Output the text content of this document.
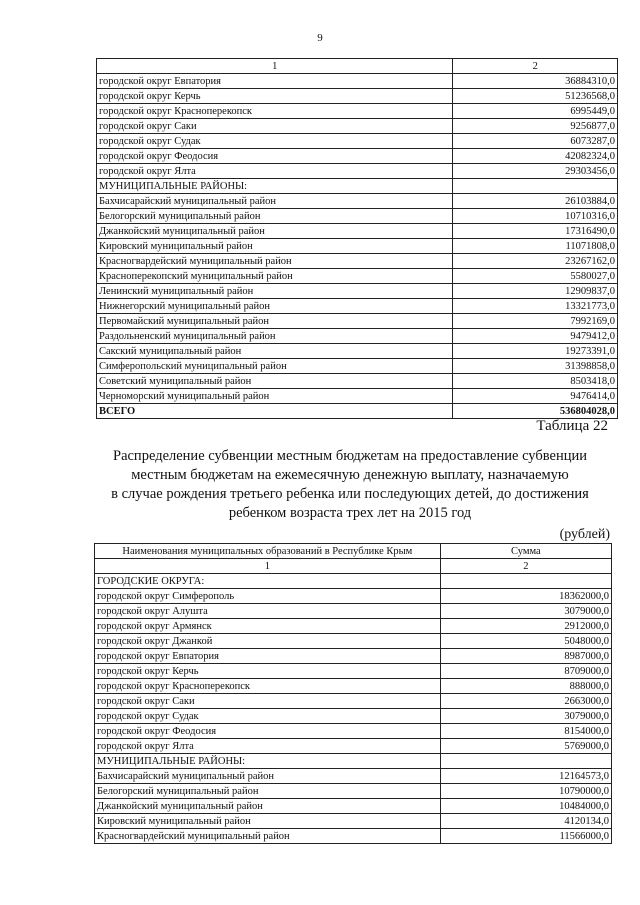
9
1	2
городской округ Евпатория	36884310,0
городской округ Керчь	51236568,0
городской округ Красноперекопск	6995449,0
городской округ Саки	9256877,0
городской округ Судак	6073287,0
городской округ Феодосия	42082324,0
городской округ Ялта	29303456,0
МУНИЦИПАЛЬНЫЕ РАЙОНЫ:	
Бахчисарайский муниципальный район	26103884,0
Белогорский муниципальный район	10710316,0
Джанкойский муниципальный район	17316490,0
Кировский муниципальный район	11071808,0
Красногвардейский муниципальный район	23267162,0
Красноперекопский муниципальный район	5580027,0
Ленинский муниципальный район	12909837,0
Нижнегорский муниципальный район	13321773,0
Первомайский муниципальный район	7992169,0
Раздольненский муниципальный район	9479412,0
Сакский муниципальный район	19273391,0
Симферопольский муниципальный район	31398858,0
Советский муниципальный район	8503418,0
Черноморский муниципальный район	9476414,0
ВСЕГО	536804028,0
Таблица 22
Распределение субвенции местным бюджетам на предоставление субвенции
местным бюджетам на ежемесячную денежную выплату, назначаемую
в случае рождения третьего ребенка или последующих детей, до достижения
ребенком возраста трех лет на 2015 год
(рублей)
Наименования муниципальных образований в Республике Крым	Сумма
1	2
ГОРОДСКИЕ ОКРУГА:	
городской округ Симферополь	18362000,0
городской округ Алушта	3079000,0
городской округ Армянск	2912000,0
городской округ Джанкой	5048000,0
городской округ Евпатория	8987000,0
городской округ Керчь	8709000,0
городской округ Красноперекопск	888000,0
городской округ Саки	2663000,0
городской округ Судак	3079000,0
городской округ Феодосия	8154000,0
городской округ Ялта	5769000,0
МУНИЦИПАЛЬНЫЕ РАЙОНЫ:	
Бахчисарайский муниципальный район	12164573,0
Белогорский муниципальный район	10790000,0
Джанкойский муниципальный район	10484000,0
Кировский муниципальный район	4120134,0
Красногвардейский муниципальный район	11566000,0
